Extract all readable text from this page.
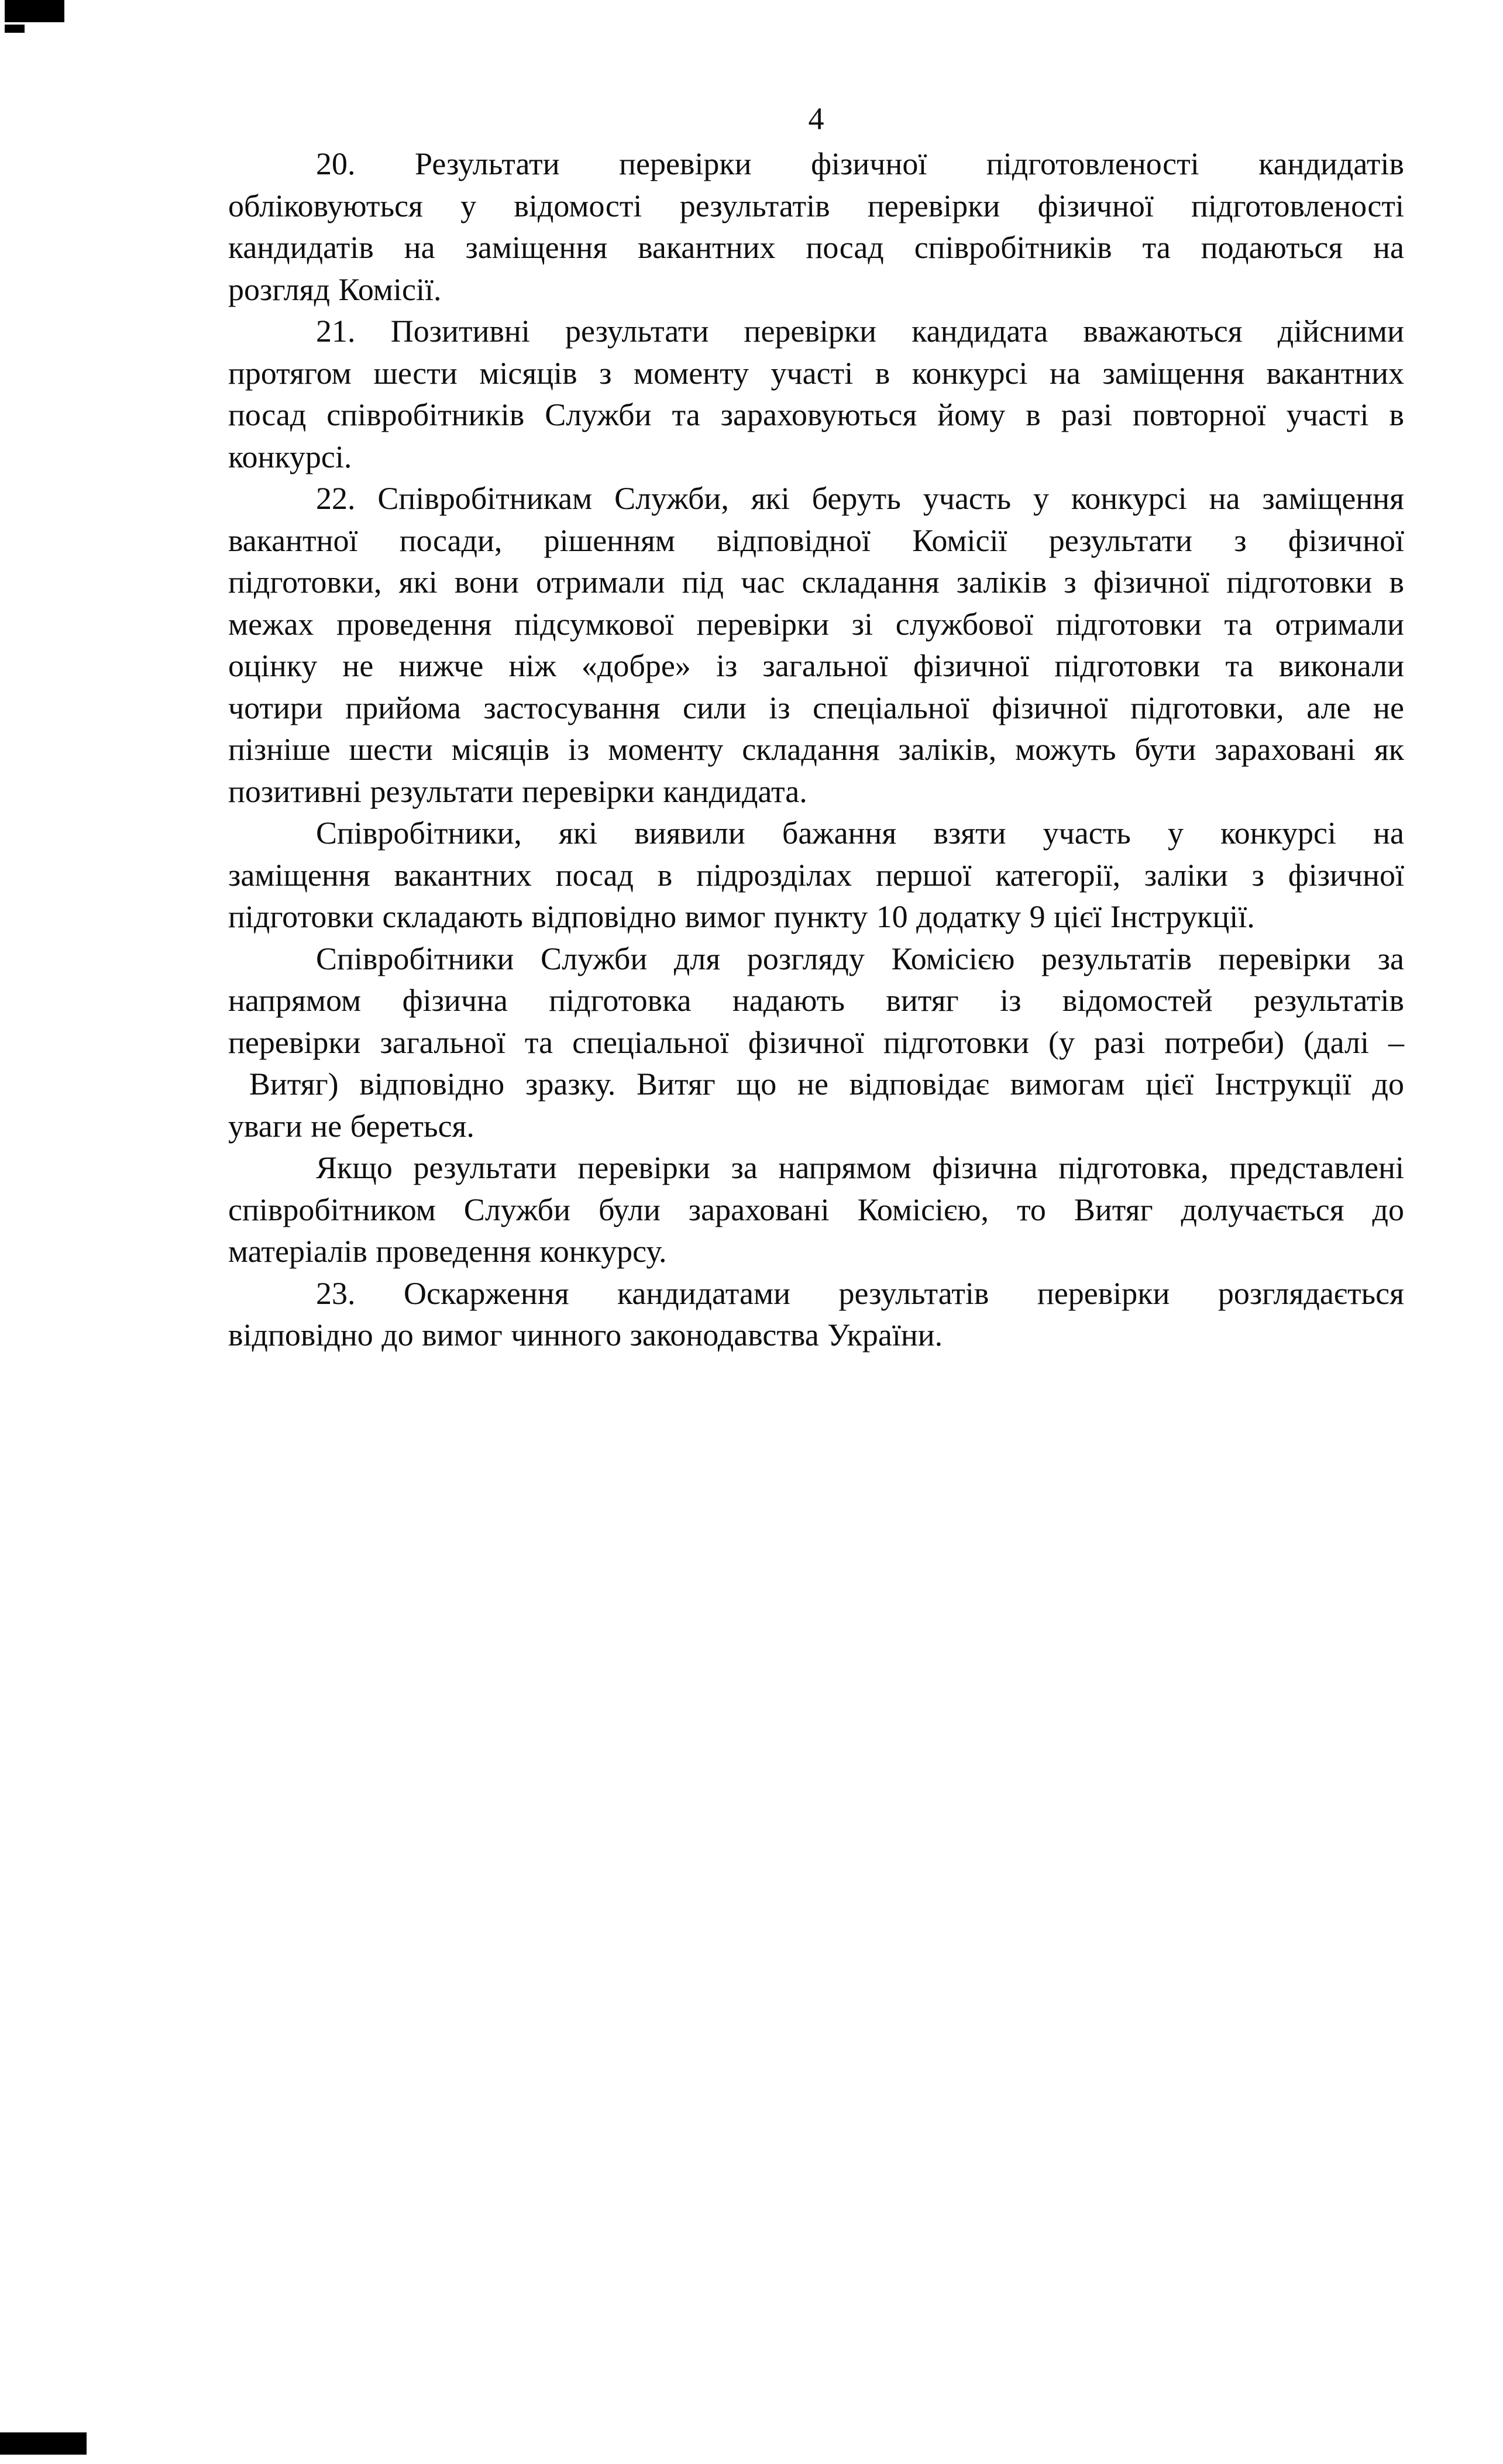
4
20. Результати перевірки фізичної підготовленості кандидатів
обліковуються у відомості результатів перевірки фізичної підготовленості
кандидатів на заміщення вакантних посад співробітників та подаються на
розгляд Комісії.
21. Позитивні результати перевірки кандидата вважаються дійсними
протягом шести місяців з моменту участі в конкурсі на заміщення вакантних
посад співробітників Служби та зараховуються йому в разі повторної участі в
конкурсі.
22. Співробітникам Служби, які беруть участь у конкурсі на заміщення
вакантної посади, рішенням відповідної Комісії результати з фізичної
підготовки, які вони отримали під час складання заліків з фізичної підготовки в
межах проведення підсумкової перевірки зі службової підготовки та отримали
оцінку не нижче ніж «добре» із загальної фізичної підготовки та виконали
чотири прийома застосування сили із спеціальної фізичної підготовки, але не
пізніше шести місяців із моменту складання заліків, можуть бути зараховані як
позитивні результати перевірки кандидата.
Співробітники, які виявили бажання взяти участь у конкурсі на
заміщення вакантних посад в підрозділах першої категорії, заліки з фізичної
підготовки складають відповідно вимог пункту 10 додатку 9 цієї Інструкції.
Співробітники Служби для розгляду Комісією результатів перевірки за
напрямом фізична підготовка надають витяг із відомостей результатів
перевірки загальної та спеціальної фізичної підготовки (у разі потреби) (далі –
Витяг) відповідно зразку. Витяг що не відповідає вимогам цієї Інструкції до
уваги не береться.
Якщо результати перевірки за напрямом фізична підготовка, представлені
співробітником Служби були зараховані Комісією, то Витяг долучається до
матеріалів проведення конкурсу.
23. Оскарження кандидатами результатів перевірки розглядається
відповідно до вимог чинного законодавства України.
